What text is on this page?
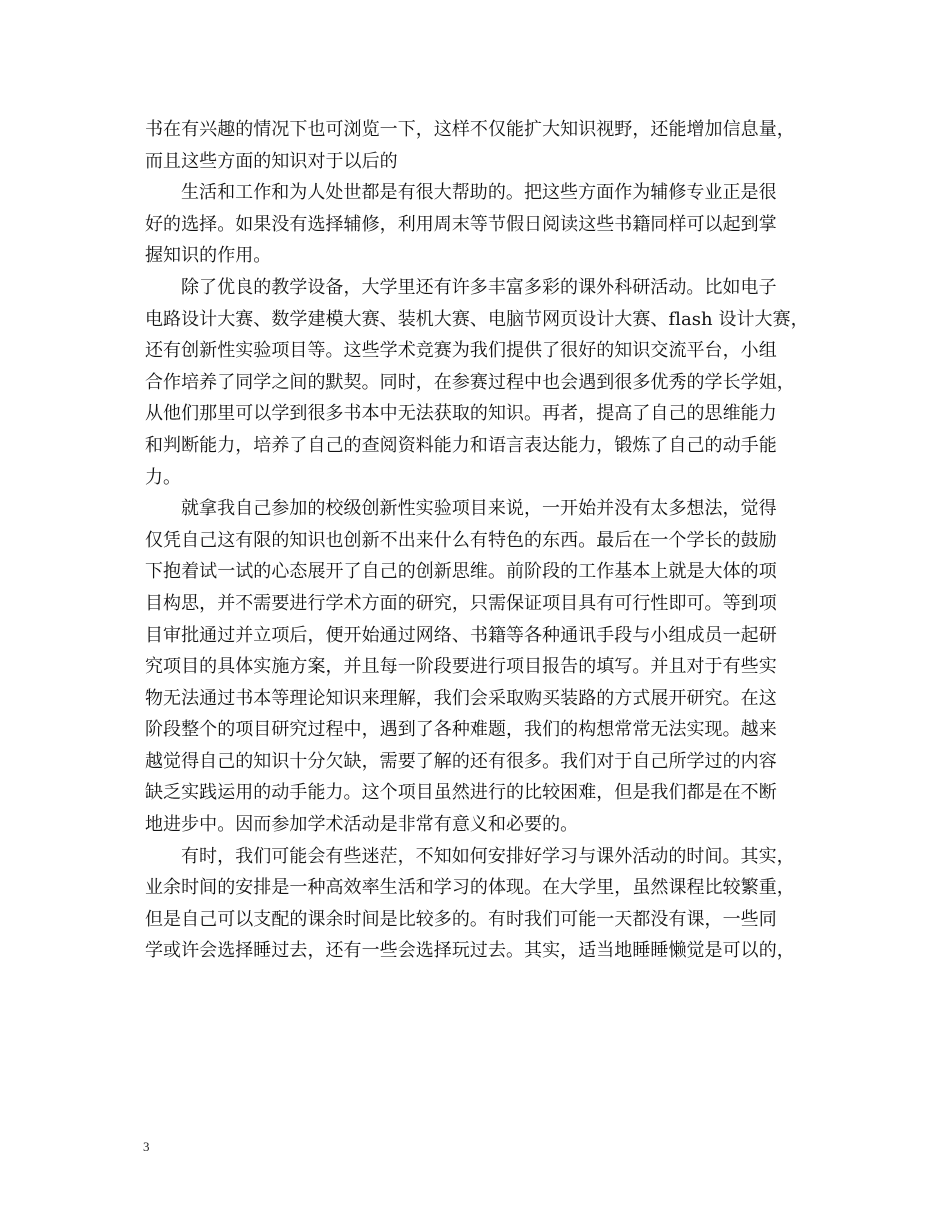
书在有兴趣的情况下也可浏览一下，这样不仅能扩大知识视野，还能增加信息量，
而且这些方面的知识对于以后的
生活和工作和为人处世都是有很大帮助的。把这些方面作为辅修专业正是很
好的选择。如果没有选择辅修，利用周末等节假日阅读这些书籍同样可以起到掌
握知识的作用。
除了优良的教学设备，大学里还有许多丰富多彩的课外科研活动。比如电子
电路设计大赛、数学建模大赛、装机大赛、电脑节网页设计大赛、flash 设计大赛，
还有创新性实验项目等。这些学术竞赛为我们提供了很好的知识交流平台，小组
合作培养了同学之间的默契。同时，在参赛过程中也会遇到很多优秀的学长学姐，
从他们那里可以学到很多书本中无法获取的知识。再者，提高了自己的思维能力
和判断能力，培养了自己的查阅资料能力和语言表达能力，锻炼了自己的动手能
力。
就拿我自己参加的校级创新性实验项目来说，一开始并没有太多想法，觉得
仅凭自己这有限的知识也创新不出来什么有特色的东西。最后在一个学长的鼓励
下抱着试一试的心态展开了自己的创新思维。前阶段的工作基本上就是大体的项
目构思，并不需要进行学术方面的研究，只需保证项目具有可行性即可。等到项
目审批通过并立项后，便开始通过网络、书籍等各种通讯手段与小组成员一起研
究项目的具体实施方案，并且每一阶段要进行项目报告的填写。并且对于有些实
物无法通过书本等理论知识来理解，我们会采取购买装路的方式展开研究。在这
阶段整个的项目研究过程中，遇到了各种难题，我们的构想常常无法实现。越来
越觉得自己的知识十分欠缺，需要了解的还有很多。我们对于自己所学过的内容
缺乏实践运用的动手能力。这个项目虽然进行的比较困难，但是我们都是在不断
地进步中。因而参加学术活动是非常有意义和必要的。
有时，我们可能会有些迷茫，不知如何安排好学习与课外活动的时间。其实，
业余时间的安排是一种高效率生活和学习的体现。在大学里，虽然课程比较繁重，
但是自己可以支配的课余时间是比较多的。有时我们可能一天都没有课，一些同
学或许会选择睡过去，还有一些会选择玩过去。其实，适当地睡睡懒觉是可以的，
3
